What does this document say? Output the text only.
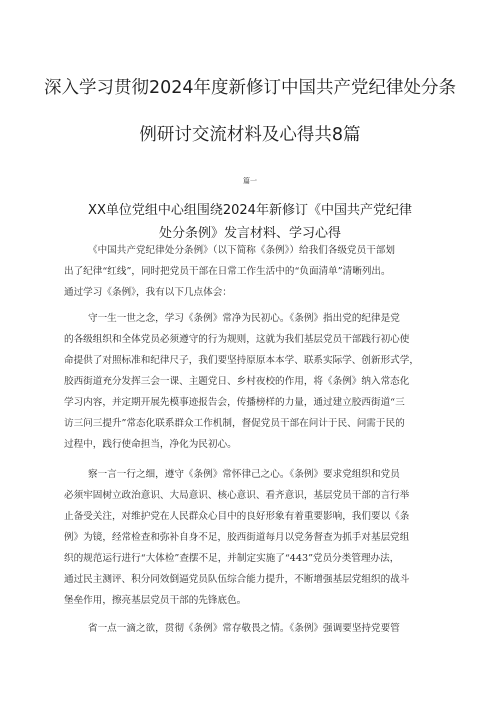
深入学习贯彻2024年度新修订中国共产党纪律处分条
例研讨交流材料及心得共8篇
篇一
XX单位党组中心组围绕2024年新修订《中国共产党纪律
处分条例》发言材料、学习心得
《中国共产党纪律处分条例》（以下简称《条例》）给我们各级党员干部划
出了纪律“红线”，同时把党员干部在日常工作生活中的“负面清单”清晰列出。
通过学习《条例》，我有以下几点体会：
守一生一世之念，学习《条例》常净为民初心。《条例》指出党的纪律是党
的各级组织和全体党员必须遵守的行为规则，这就为我们基层党员干部践行初心使
命提供了对照标准和纪律尺子，我们要坚持原原本本学、联系实际学、创新形式学，
胶西街道充分发挥三会一课、主题党日、乡村夜校的作用，将《条例》纳入常态化
学习内容，并定期开展先模事迹报告会，传播榜样的力量，通过建立胶西街道“三
访三问三提升”常态化联系群众工作机制，督促党员干部在问计于民、问需于民的
过程中，践行使命担当，净化为民初心。
察一言一行之细，遵守《条例》常怀律己之心。《条例》要求党组织和党员
必须牢固树立政治意识、大局意识、核心意识、看齐意识，基层党员干部的言行举
止备受关注，对维护党在人民群众心目中的良好形象有着重要影响，我们要以《条
例》为镜，经常检查和弥补自身不足，胶西街道每月以党务督查为抓手对基层党组
织的规范运行进行“大体检”查摆不足，并制定实施了“443”党员分类管理办法，
通过民主测评、积分同效倒逼党员队伍综合能力提升，不断增强基层党组织的战斗
堡垒作用，擦亮基层党员干部的先锋底色。
省一点一滴之欲，贯彻《条例》常存敬畏之情。《条例》强调要坚持党要管
